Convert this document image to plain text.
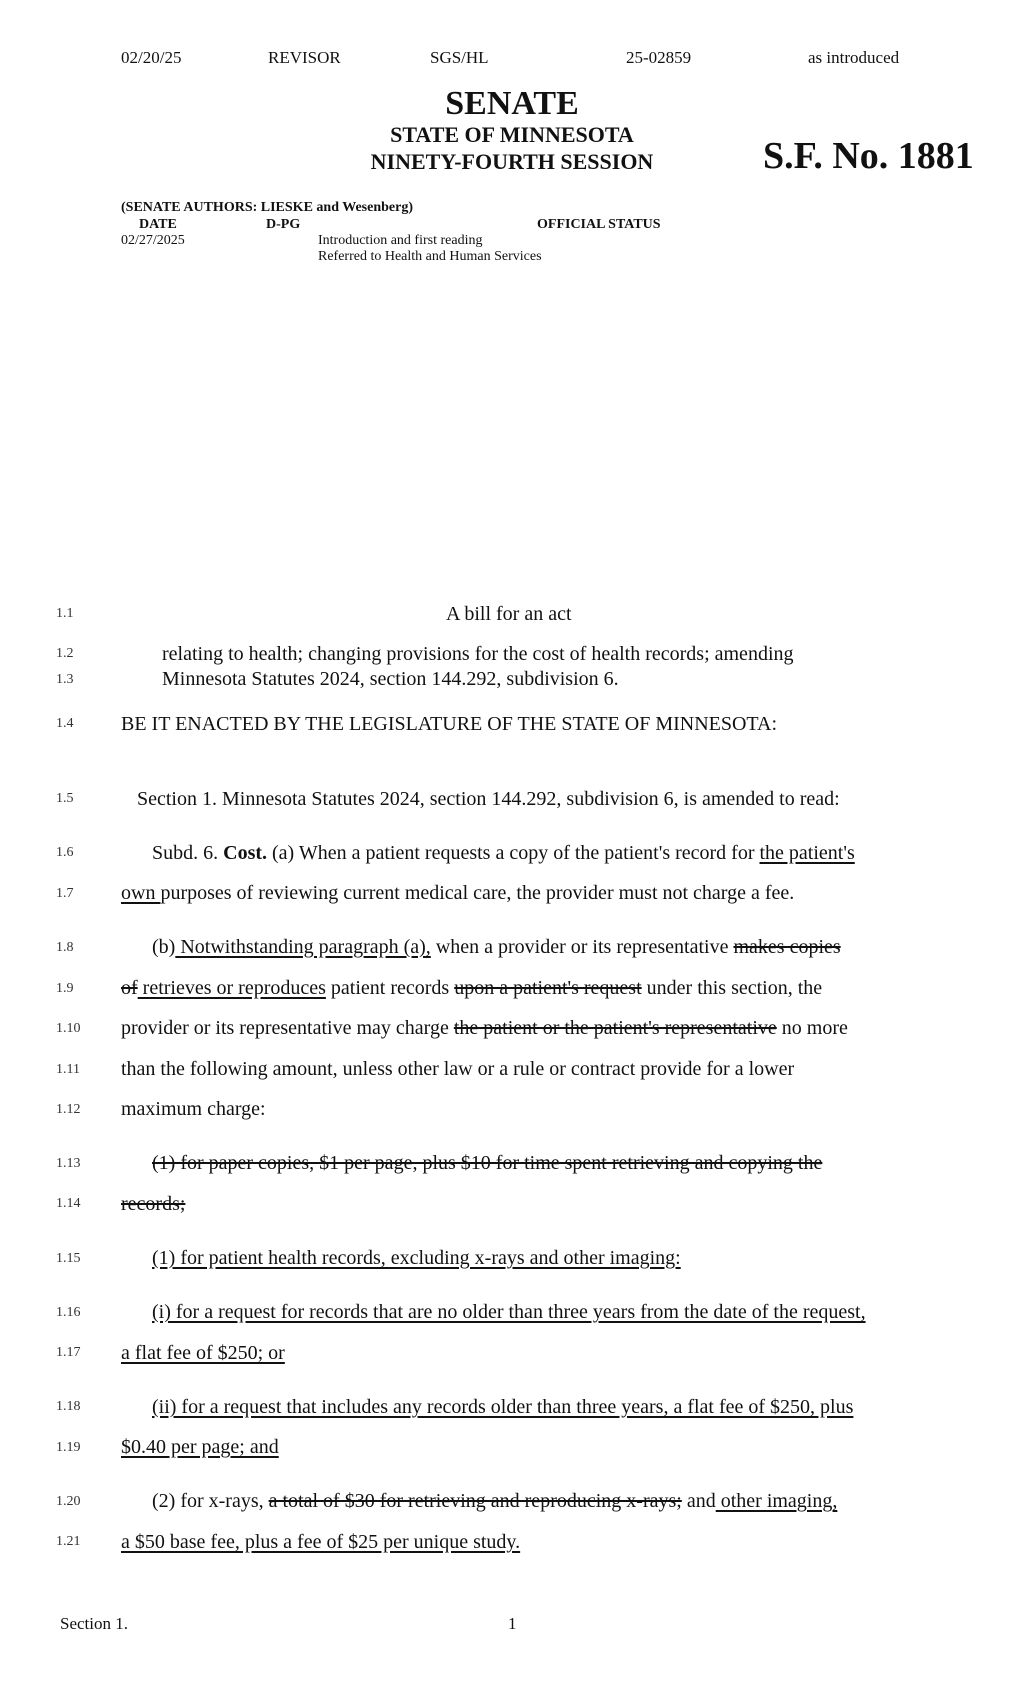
02/20/25	REVISOR	SGS/HL	25-02859	as introduced
SENATE
STATE OF MINNESOTA
NINETY-FOURTH SESSION	S.F. No. 1881
(SENATE AUTHORS: LIESKE and Wesenberg)
DATE	D-PG	OFFICIAL STATUS
02/27/2025	Introduction and first reading
Referred to Health and Human Services
1.1
1.2
1.3
1.4
1.5
1.6
1.7
1.8
1.9
1.10
1.11
1.12
1.13
1.14
1.15
1.16
1.17
1.18
1.19
1.20
1.21
A bill for an act
relating to health; changing provisions for the cost of health records; amending
Minnesota Statutes 2024, section 144.292, subdivision 6.
BE IT ENACTED BY THE LEGISLATURE OF THE STATE OF MINNESOTA:
Section 1. Minnesota Statutes 2024, section 144.292, subdivision 6, is amended to read:
Subd. 6. Cost. (a) When a patient requests a copy of the patient's record for the patient's
own purposes of reviewing current medical care, the provider must not charge a fee.
(b) Notwithstanding paragraph (a), when a provider or its representative makes copies
of retrieves or reproduces patient records upon a patient's request under this section, the
provider or its representative may charge the patient or the patient's representative no more
than the following amount, unless other law or a rule or contract provide for a lower
maximum charge:
(1) for paper copies, $1 per page, plus $10 for time spent retrieving and copying the
records;
(1) for patient health records, excluding x-rays and other imaging:
(i) for a request for records that are no older than three years from the date of the request,
a flat fee of $250; or
(ii) for a request that includes any records older than three years, a flat fee of $250, plus
$0.40 per page; and
(2) for x-rays, a total of $30 for retrieving and reproducing x-rays; and other imaging,
a $50 base fee, plus a fee of $25 per unique study.
Section 1.	1
